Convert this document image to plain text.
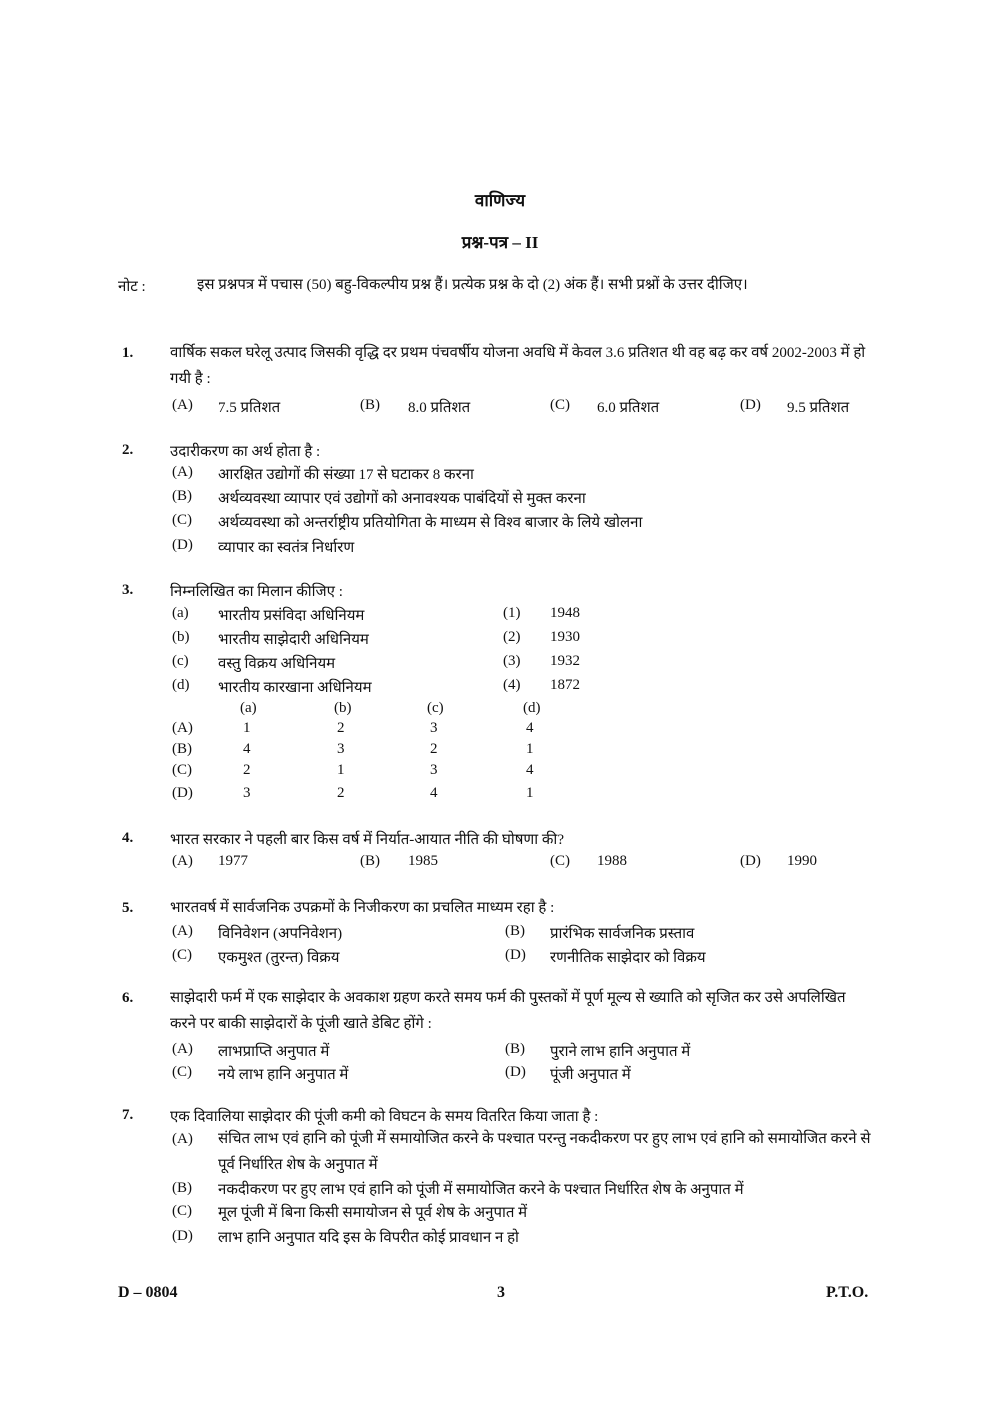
वाणिज्य
प्रश्न-पत्र – II
नोट :	इस प्रश्नपत्र में पचास (50) बहु-विकल्पीय प्रश्न हैं। प्रत्येक प्रश्न के दो (2) अंक हैं। सभी प्रश्नों के उत्तर दीजिए।
1. वार्षिक सकल घरेलू उत्पाद जिसकी वृद्धि दर प्रथम पंचवर्षीय योजना अवधि में केवल 3.6 प्रतिशत थी वह बढ़ कर वर्ष 2002-2003 में हो गयी है :
(A) 7.5 प्रतिशत	(B) 8.0 प्रतिशत	(C) 6.0 प्रतिशत	(D) 9.5 प्रतिशत
2. उदारीकरण का अर्थ होता है :
(A) आरक्षित उद्योगों की संख्या 17 से घटाकर 8 करना
(B) अर्थव्यवस्था व्यापार एवं उद्योगों को अनावश्यक पाबंदियों से मुक्त करना
(C) अर्थव्यवस्था को अन्तर्राष्ट्रीय प्रतियोगिता के माध्यम से विश्व बाजार के लिये खोलना
(D) व्यापार का स्वतंत्र निर्धारण
3. निम्नलिखित का मिलान कीजिए :
(a) भारतीय प्रसंविदा अधिनियम	(1) 1948
(b) भारतीय साझेदारी अधिनियम	(2) 1930
(c) वस्तु विक्रय अधिनियम	(3) 1932
(d) भारतीय कारखाना अधिनियम	(4) 1872
(a)	(b)	(c)	(d)
(A)	1	2	3	4
(B)	4	3	2	1
(C)	2	1	3	4
(D)	3	2	4	1
4. भारत सरकार ने पहली बार किस वर्ष में निर्यात-आयात नीति की घोषणा की?
(A) 1977	(B) 1985	(C) 1988	(D) 1990
5. भारतवर्ष में सार्वजनिक उपक्रमों के निजीकरण का प्रचलित माध्यम रहा है :
(A) विनिवेशन (अपनिवेशन)	(B) प्रारंभिक सार्वजनिक प्रस्ताव
(C) एकमुश्त (तुरन्त) विक्रय	(D) रणनीतिक साझेदार को विक्रय
6. साझेदारी फर्म में एक साझेदार के अवकाश ग्रहण करते समय फर्म की पुस्तकों में पूर्ण मूल्य से ख्याति को सृजित कर उसे अपलिखित करने पर बाकी साझेदारों के पूंजी खाते डेबिट होंगे :
(A) लाभप्राप्ति अनुपात में	(B) पुराने लाभ हानि अनुपात में
(C) नये लाभ हानि अनुपात में	(D) पूंजी अनुपात में
7. एक दिवालिया साझेदार की पूंजी कमी को विघटन के समय वितरित किया जाता है :
(A) संचित लाभ एवं हानि को पूंजी में समायोजित करने के पश्चात परन्तु नकदीकरण पर हुए लाभ एवं हानि को समायोजित करने से पूर्व निर्धारित शेष के अनुपात में
(B) नकदीकरण पर हुए लाभ एवं हानि को पूंजी में समायोजित करने के पश्चात निर्धारित शेष के अनुपात में
(C) मूल पूंजी में बिना किसी समायोजन से पूर्व शेष के अनुपात में
(D) लाभ हानि अनुपात यदि इस के विपरीत कोई प्रावधान न हो
D – 0804	3	P.T.O.
